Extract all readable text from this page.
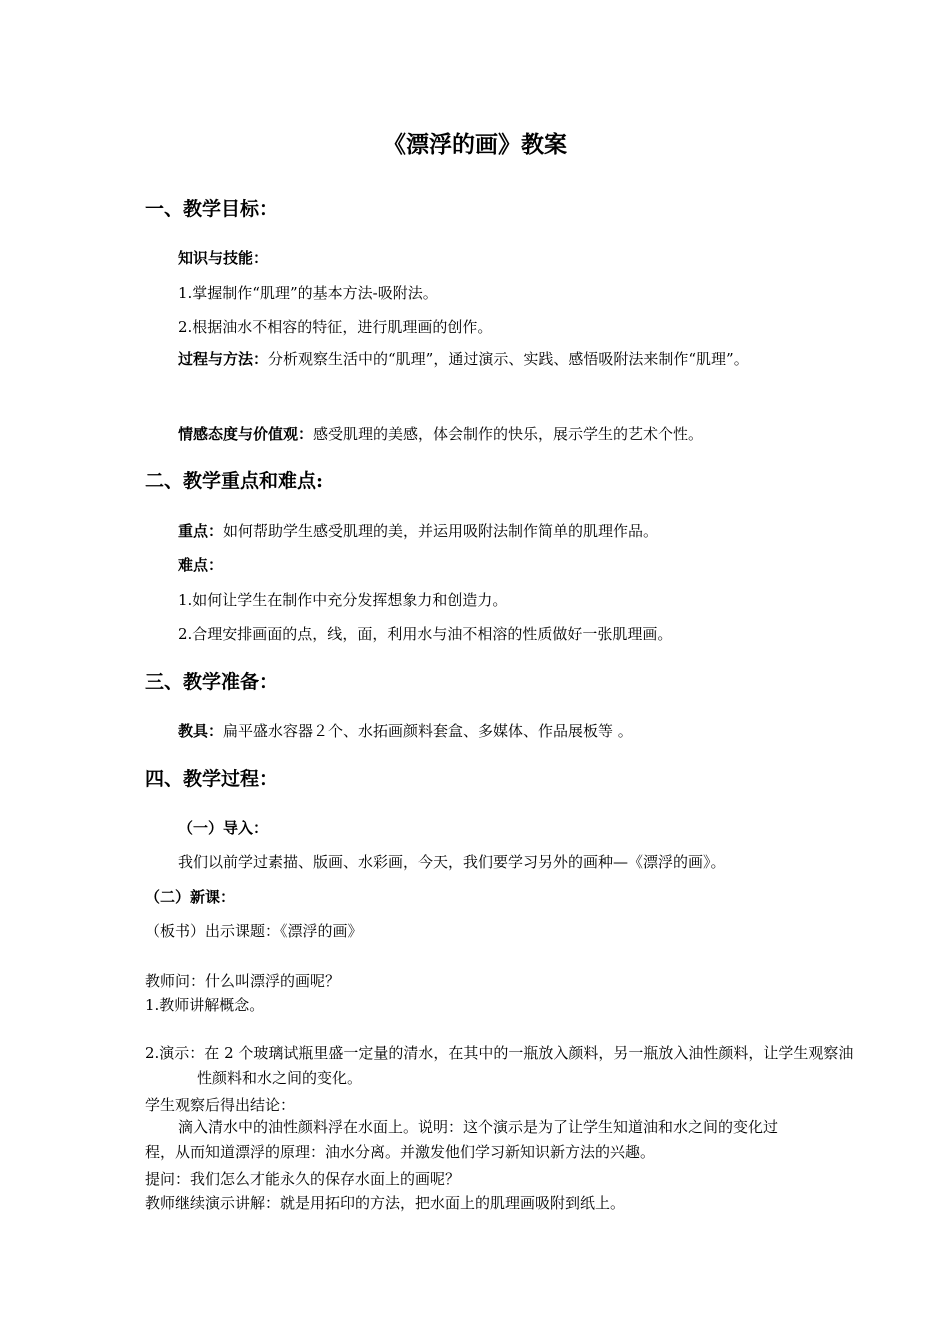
《漂浮的画》教案
一、教学目标：
知识与技能：
1.掌握制作“肌理”的基本方法-吸附法。
2.根据油水不相容的特征，进行肌理画的创作。
过程与方法：分析观察生活中的“肌理”，通过演示、实践、感悟吸附法来制作“肌理”。
情感态度与价值观：感受肌理的美感，体会制作的快乐，展示学生的艺术个性。
二、教学重点和难点:
重点：如何帮助学生感受肌理的美，并运用吸附法制作简单的肌理作品。
难点：
1.如何让学生在制作中充分发挥想象力和创造力。
2.合理安排画面的点，线，面，利用水与油不相溶的性质做好一张肌理画。
三、教学准备：
教具：扁平盛水容器２个、水拓画颜料套盒、多媒体、作品展板等 。
四、教学过程：
（一）导入：
我们以前学过素描、版画、水彩画，今天，我们要学习另外的画种—《漂浮的画》。
（二）新课：
（板书）出示课题：《漂浮的画》
教师问：什么叫漂浮的画呢？
1.教师讲解概念。
2.演示：在 2 个玻璃试瓶里盛一定量的清水，在其中的一瓶放入颜料，另一瓶放入油性颜料，让学生观察油性颜料和水之间的变化。
学生观察后得出结论：
滴入清水中的油性颜料浮在水面上。说明：这个演示是为了让学生知道油和水之间的变化过程，从而知道漂浮的原理：油水分离。并激发他们学习新知识新方法的兴趣。
提问：我们怎么才能永久的保存水面上的画呢？
教师继续演示讲解：就是用拓印的方法，把水面上的肌理画吸附到纸上。
